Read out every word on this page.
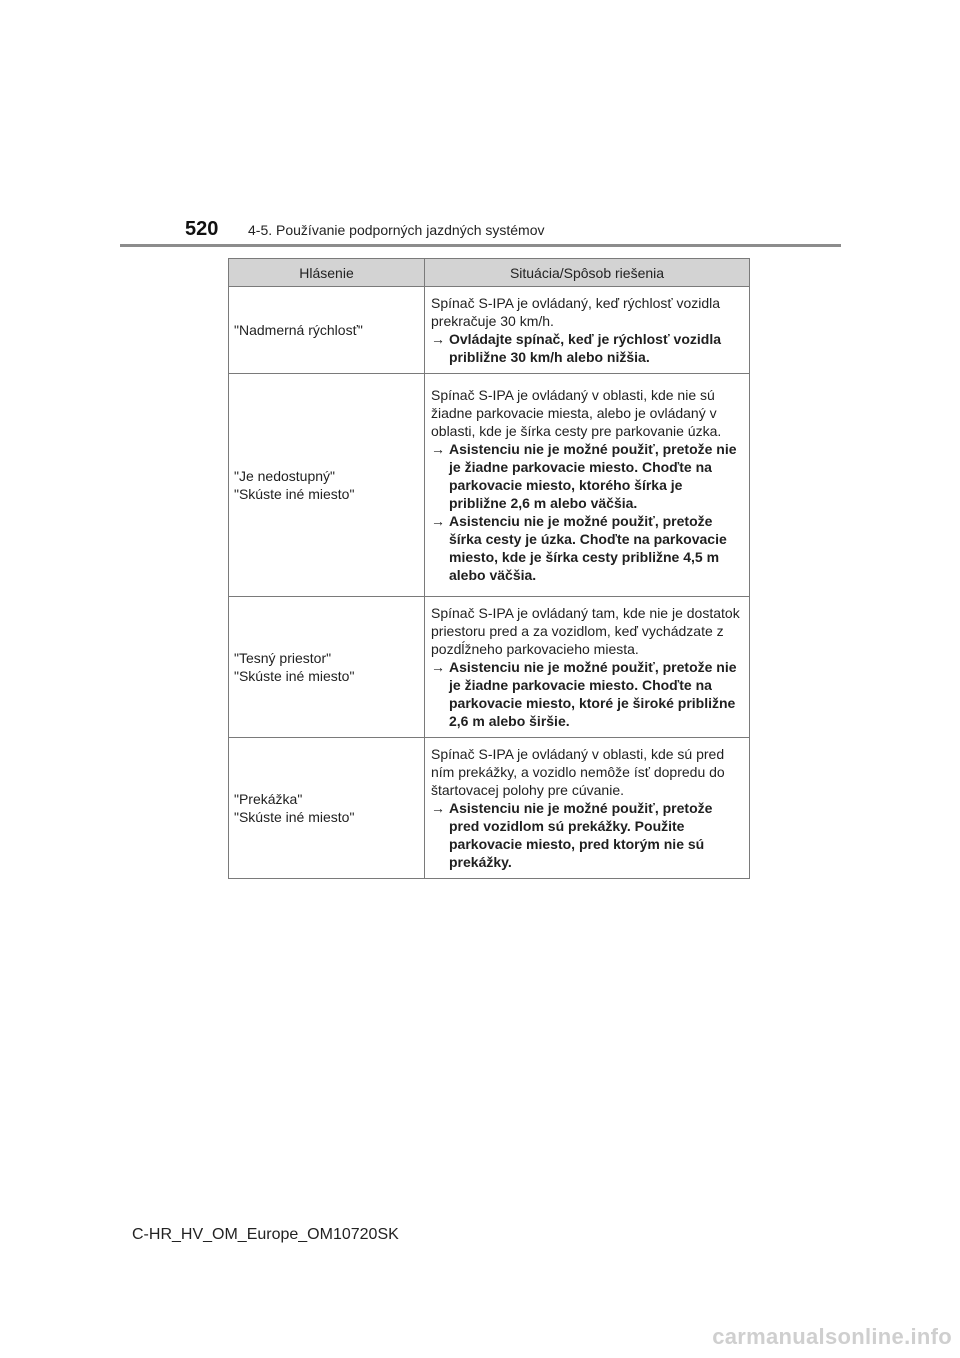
520 4-5. Používanie podporných jazdných systémov
Hlásenie	Situácia/Spôsob riešenia

"Nadmerná rýchlosť"	Spínač S-IPA je ovládaný, keď rýchlosť vozidla prekračuje 30 km/h.
→ Ovládajte spínač, keď je rýchlosť vozidla približne 30 km/h alebo nižšia.

"Je nedostupný"
"Skúste iné miesto"	Spínač S-IPA je ovládaný v oblasti, kde nie sú žiadne parkovacie miesta, alebo je ovládaný v oblasti, kde je šírka cesty pre parkovanie úzka.
→ Asistenciu nie je možné použiť, pretože nie je žiadne parkovacie miesto. Choďte na parkovacie miesto, ktorého šírka je približne 2,6 m alebo väčšia.
→ Asistenciu nie je možné použiť, pretože šírka cesty je úzka. Choďte na parkovacie miesto, kde je šírka cesty približne 4,5 m alebo väčšia.

"Tesný priestor"
"Skúste iné miesto"	Spínač S-IPA je ovládaný tam, kde nie je dostatok priestoru pred a za vozidlom, keď vychádzate z pozdĺžneho parkovacieho miesta.
→ Asistenciu nie je možné použiť, pretože nie je žiadne parkovacie miesto. Choďte na parkovacie miesto, ktoré je široké približne 2,6 m alebo širšie.

"Prekážka"
"Skúste iné miesto"	Spínač S-IPA je ovládaný v oblasti, kde sú pred ním prekážky, a vozidlo nemôže ísť dopredu do štartovacej polohy pre cúvanie.
→ Asistenciu nie je možné použiť, pretože pred vozidlom sú prekážky. Použite parkovacie miesto, pred ktorým nie sú prekážky.
C-HR_HV_OM_Europe_OM10720SK
carmanualsonline.info
